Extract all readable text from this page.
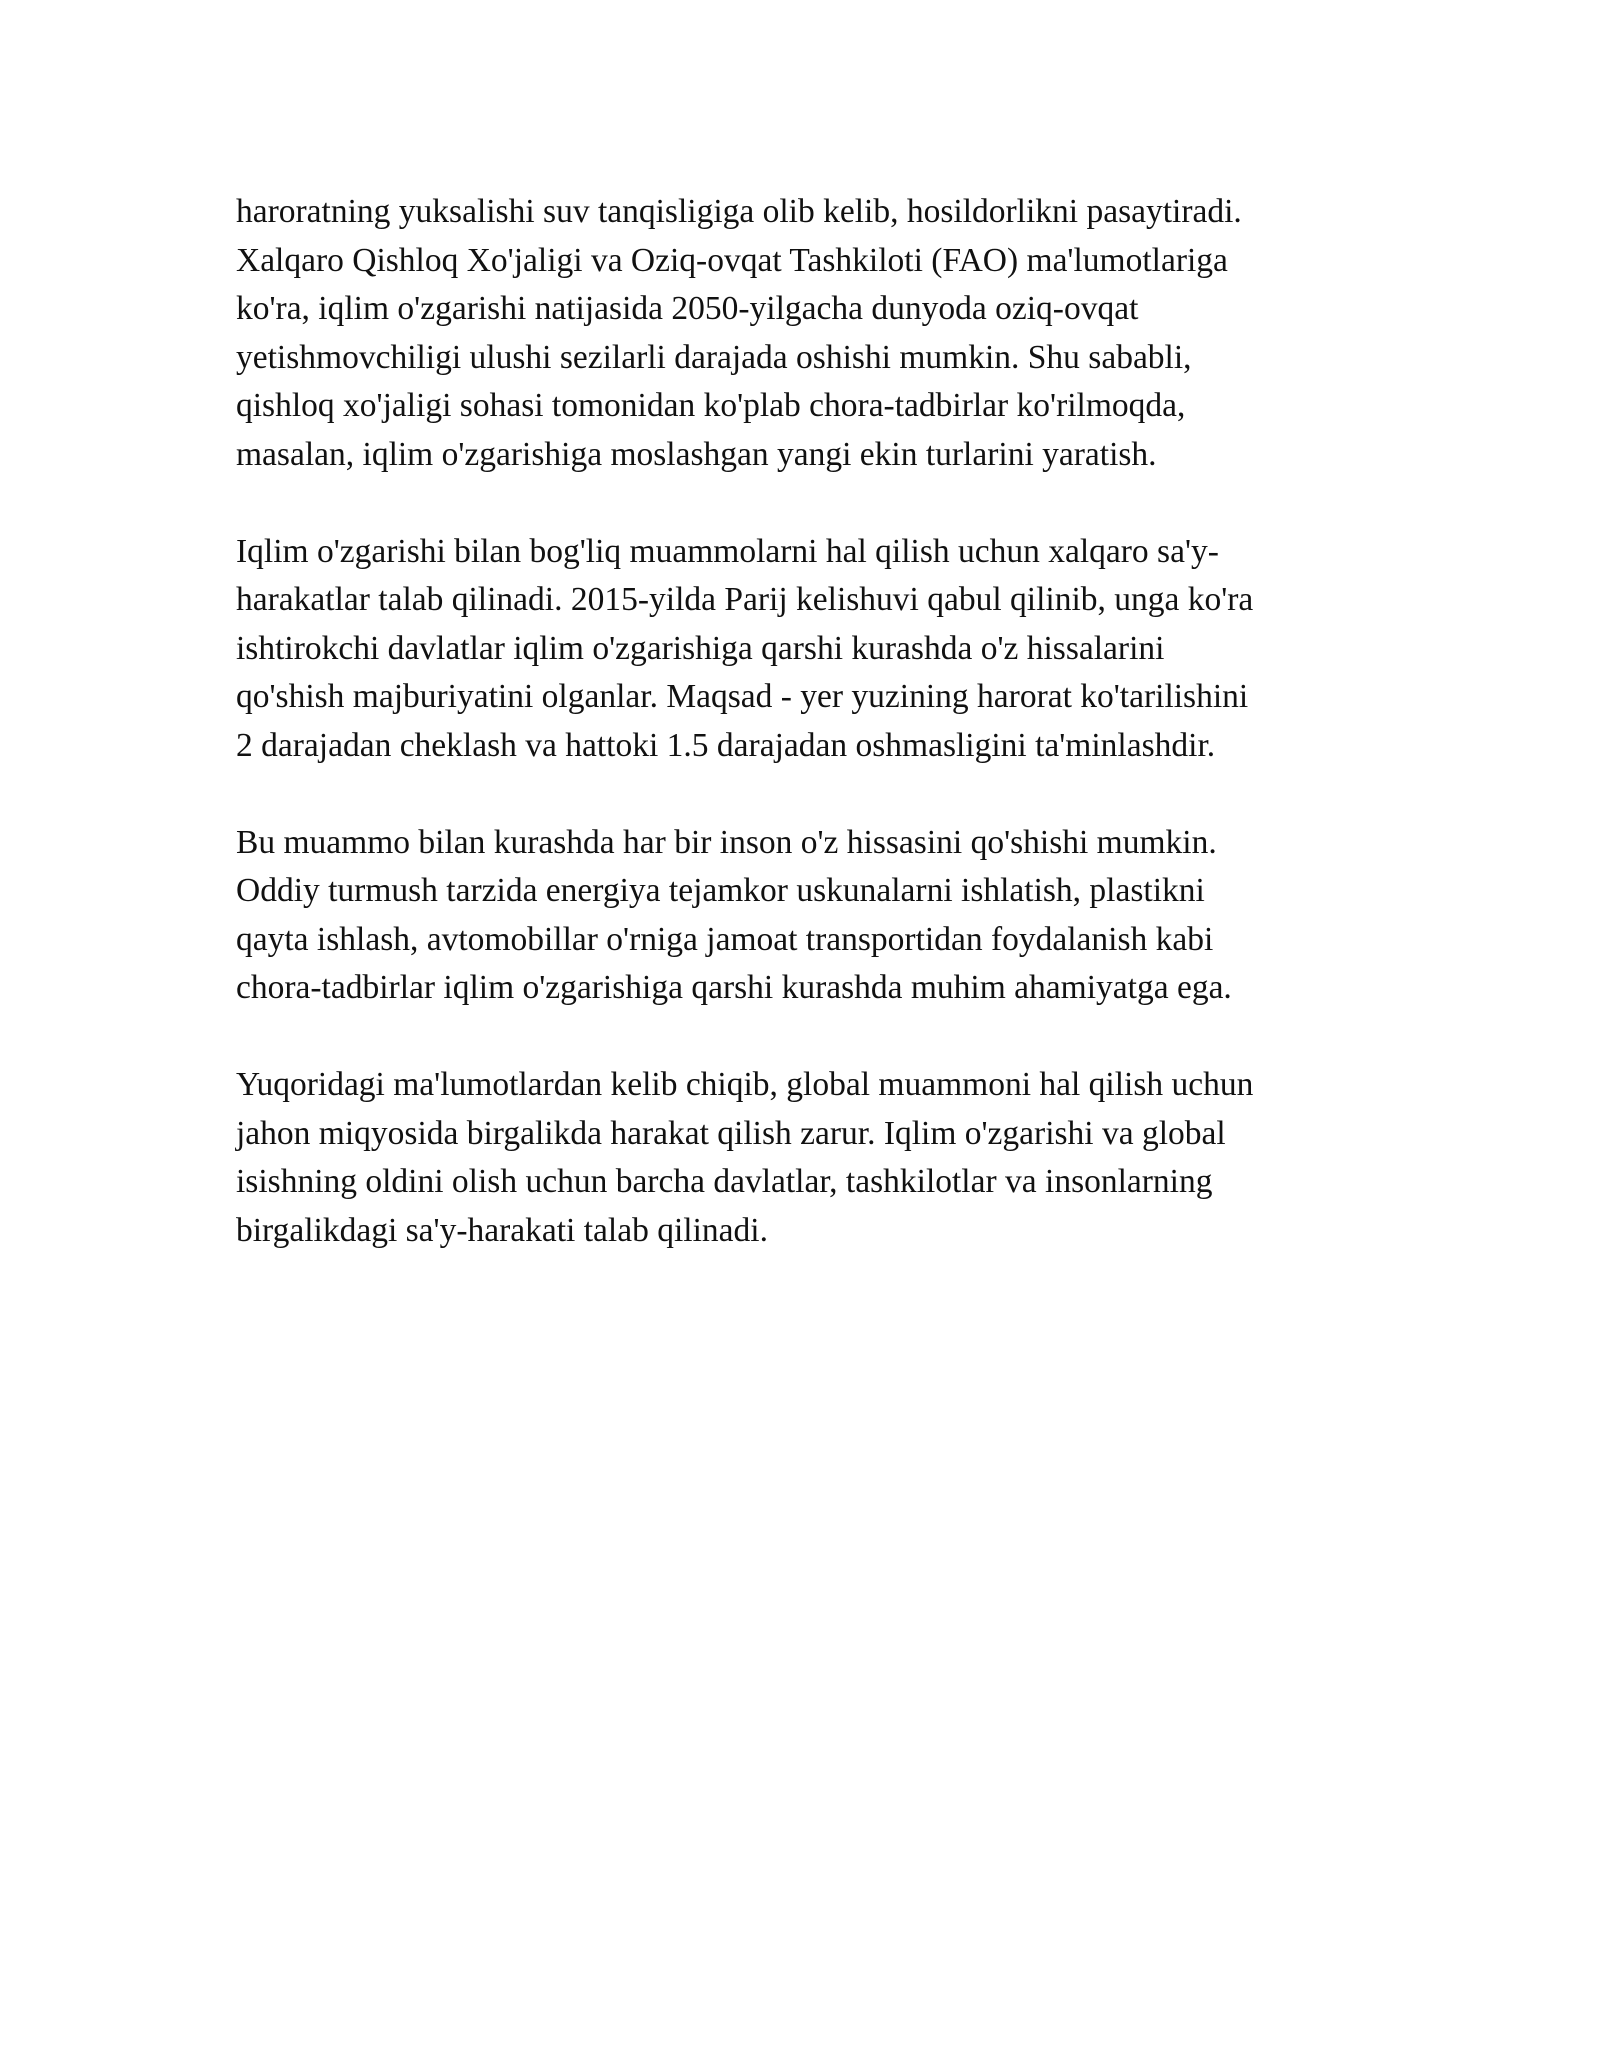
haroratning yuksalishi suv tanqisligiga olib kelib, hosildorlikni pasaytiradi.
Xalqaro Qishloq Xo'jaligi va Oziq-ovqat Tashkiloti (FAO) ma'lumotlariga
ko'ra, iqlim o'zgarishi natijasida 2050-yilgacha dunyoda oziq-ovqat
yetishmovchiligi ulushi sezilarli darajada oshishi mumkin. Shu sababli,
qishloq xo'jaligi sohasi tomonidan ko'plab chora-tadbirlar ko'rilmoqda,
masalan, iqlim o'zgarishiga moslashgan yangi ekin turlarini yaratish.
Iqlim o'zgarishi bilan bog'liq muammolarni hal qilish uchun xalqaro sa'y-
harakatlar talab qilinadi. 2015-yilda Parij kelishuvi qabul qilinib, unga ko'ra
ishtirokchi davlatlar iqlim o'zgarishiga qarshi kurashda o'z hissalarini
qo'shish majburiyatini olganlar. Maqsad - yer yuzining harorat ko'tarilishini
2 darajadan cheklash va hattoki 1.5 darajadan oshmasligini ta'minlashdir.
Bu muammo bilan kurashda har bir inson o'z hissasini qo'shishi mumkin.
Oddiy turmush tarzida energiya tejamkor uskunalarni ishlatish, plastikni
qayta ishlash, avtomobillar o'rniga jamoat transportidan foydalanish kabi
chora-tadbirlar iqlim o'zgarishiga qarshi kurashda muhim ahamiyatga ega.
Yuqoridagi ma'lumotlardan kelib chiqib, global muammoni hal qilish uchun
jahon miqyosida birgalikda harakat qilish zarur. Iqlim o'zgarishi va global
isishning oldini olish uchun barcha davlatlar, tashkilotlar va insonlarning
birgalikdagi sa'y-harakati talab qilinadi.
